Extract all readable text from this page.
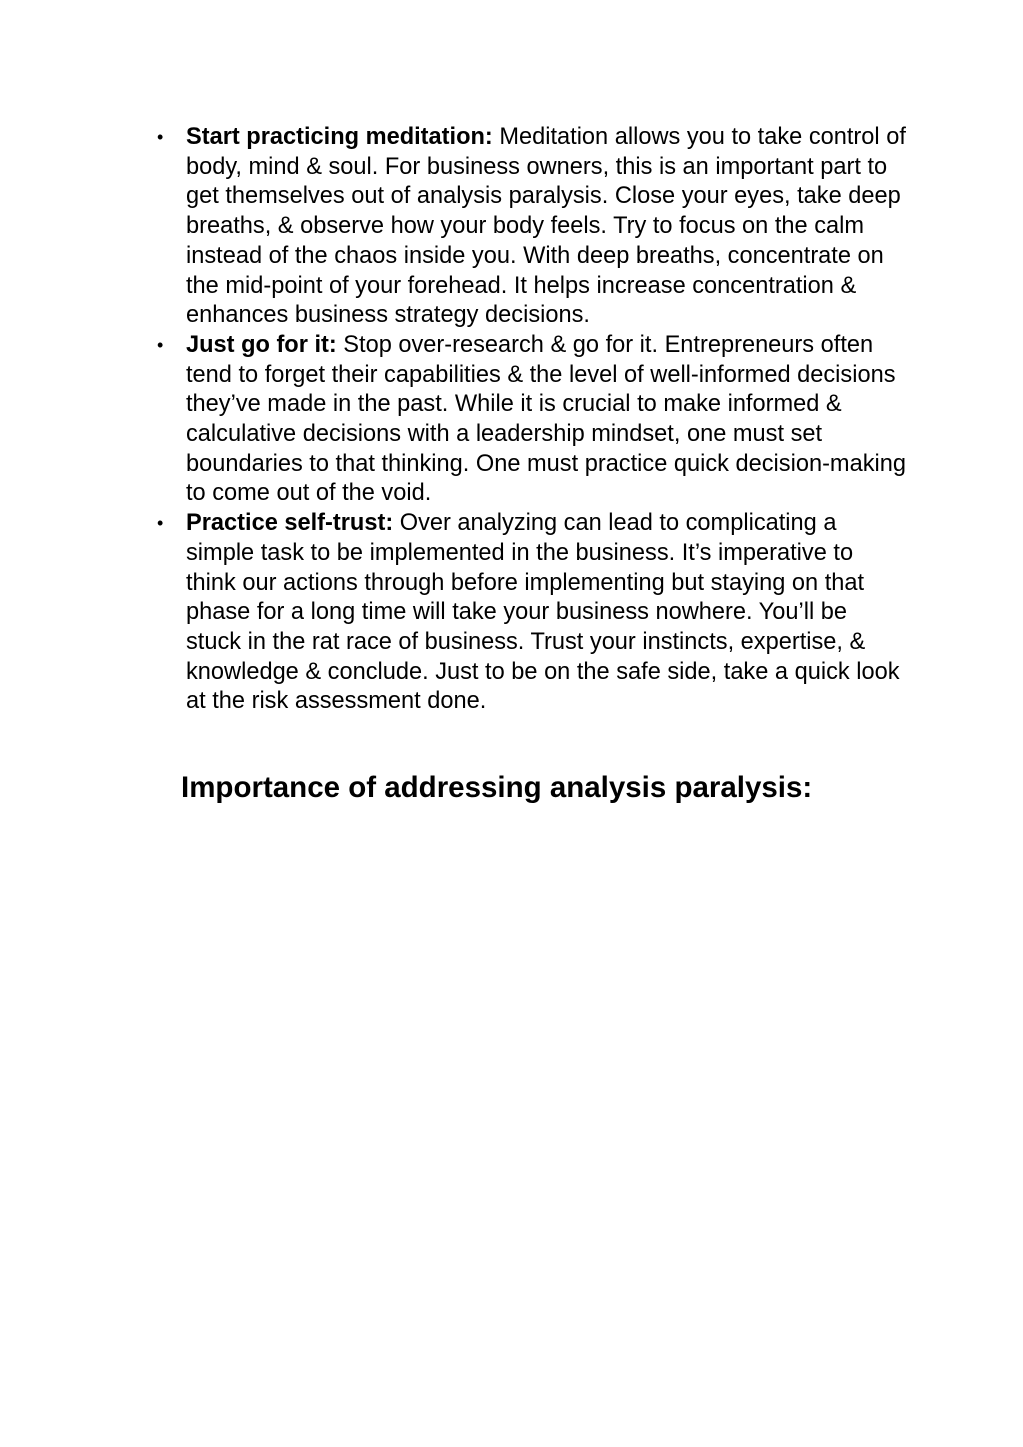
• Start practicing meditation: Meditation allows you to take control of body, mind & soul. For business owners, this is an important part to get themselves out of analysis paralysis. Close your eyes, take deep breaths, & observe how your body feels. Try to focus on the calm instead of the chaos inside you. With deep breaths, concentrate on the mid-point of your forehead. It helps increase concentration & enhances business strategy decisions.
• Just go for it: Stop over-research & go for it. Entrepreneurs often tend to forget their capabilities & the level of well-informed decisions they’ve made in the past. While it is crucial to make informed & calculative decisions with a leadership mindset, one must set boundaries to that thinking. One must practice quick decision-making to come out of the void.
• Practice self-trust: Over analyzing can lead to complicating a simple task to be implemented in the business. It’s imperative to think our actions through before implementing but staying on that phase for a long time will take your business nowhere. You’ll be stuck in the rat race of business. Trust your instincts, expertise, & knowledge & conclude. Just to be on the safe side, take a quick look at the risk assessment done.
Importance of addressing analysis paralysis:
